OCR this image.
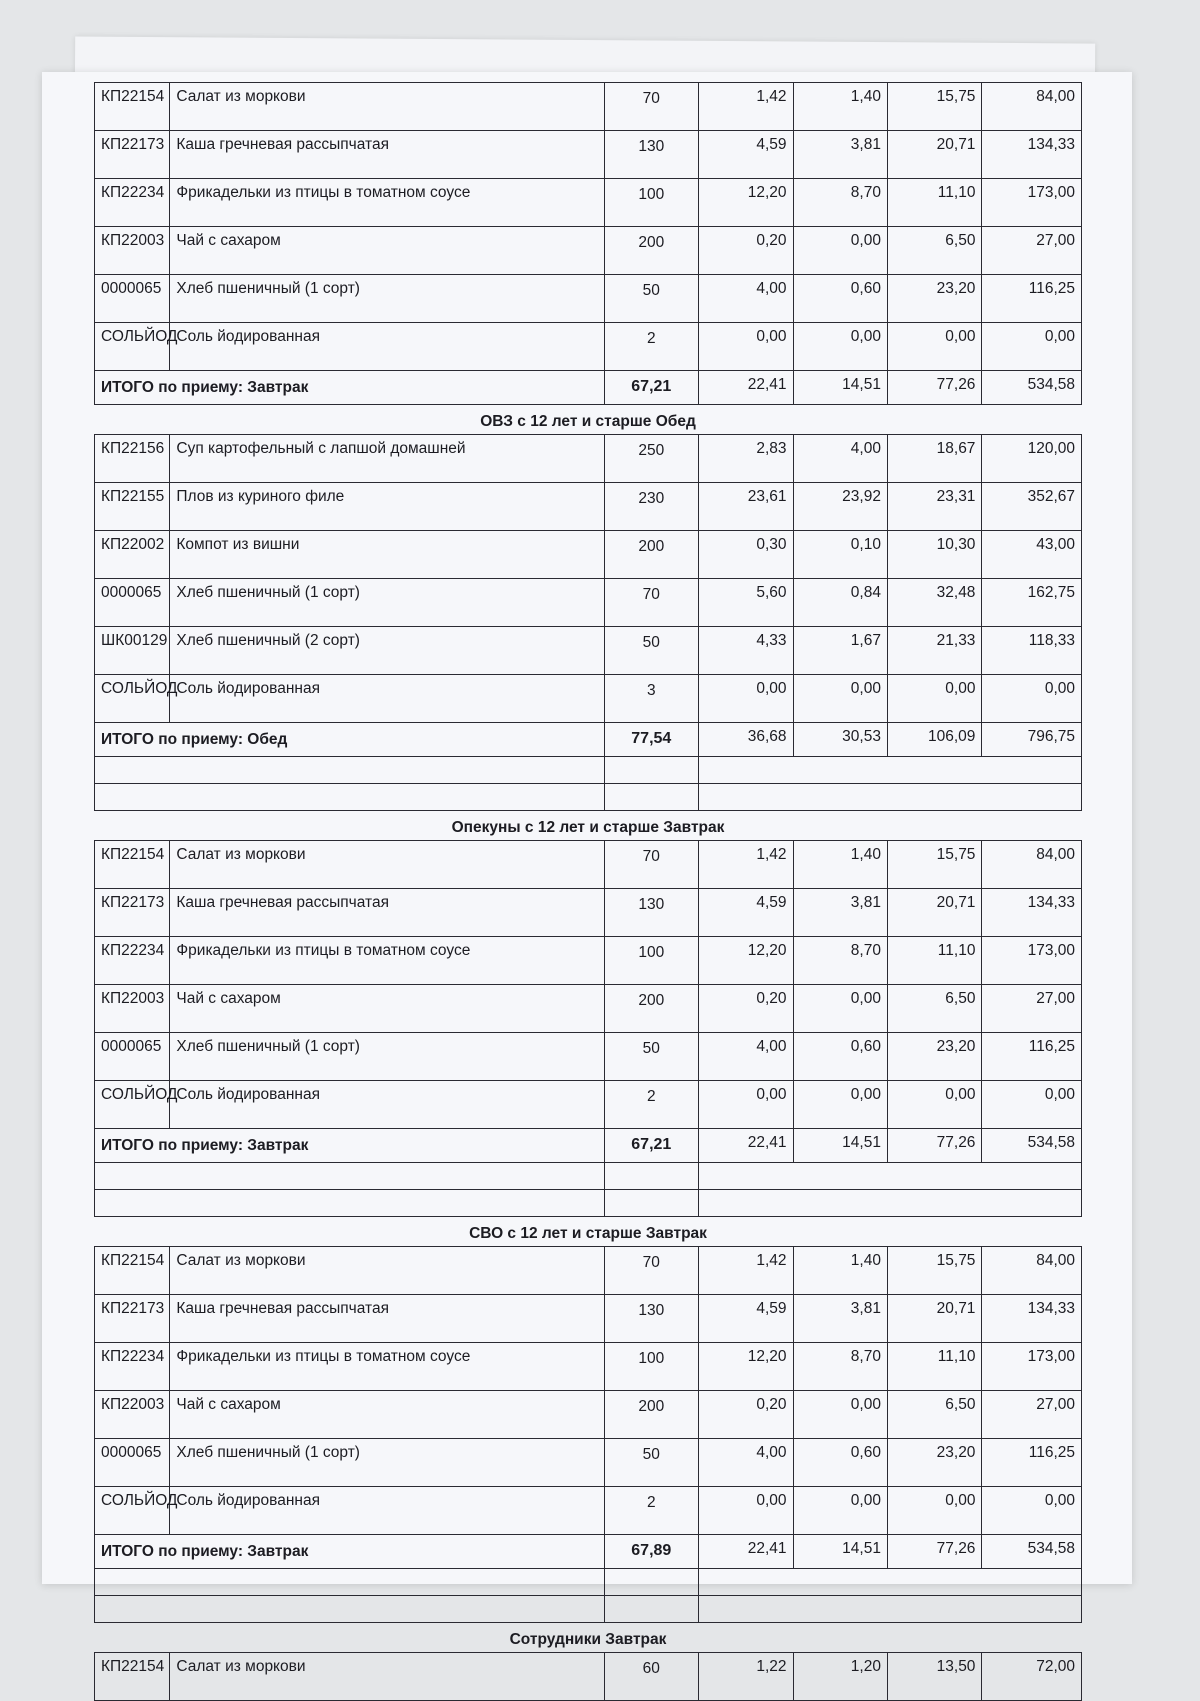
КП22154	Салат из моркови	70	1,42	1,40	15,75	84,00
КП22173	Каша гречневая рассыпчатая	130	4,59	3,81	20,71	134,33
КП22234	Фрикадельки из птицы в томатном соусе	100	12,20	8,70	11,10	173,00
КП22003	Чай с сахаром	200	0,20	0,00	6,50	27,00
0000065	Хлеб пшеничный (1 сорт)	50	4,00	0,60	23,20	116,25
СОЛЬЙОД	Соль йодированная	2	0,00	0,00	0,00	0,00
ИТОГО по приему: Завтрак		67,21	22,41	14,51	77,26	534,58
ОВЗ с 12 лет и старше Обед
КП22156	Суп картофельный с лапшой домашней	250	2,83	4,00	18,67	120,00
КП22155	Плов из куриного филе	230	23,61	23,92	23,31	352,67
КП22002	Компот из вишни	200	0,30	0,10	10,30	43,00
0000065	Хлеб пшеничный (1 сорт)	70	5,60	0,84	32,48	162,75
ШК00129	Хлеб пшеничный (2 сорт)	50	4,33	1,67	21,33	118,33
СОЛЬЙОД	Соль йодированная	3	0,00	0,00	0,00	0,00
ИТОГО по приему: Обед		77,54	36,68	30,53	106,09	796,75

Опекуны с 12 лет и старше Завтрак
КП22154	Салат из моркови	70	1,42	1,40	15,75	84,00
КП22173	Каша гречневая рассыпчатая	130	4,59	3,81	20,71	134,33
КП22234	Фрикадельки из птицы в томатном соусе	100	12,20	8,70	11,10	173,00
КП22003	Чай с сахаром	200	0,20	0,00	6,50	27,00
0000065	Хлеб пшеничный (1 сорт)	50	4,00	0,60	23,20	116,25
СОЛЬЙОД	Соль йодированная	2	0,00	0,00	0,00	0,00
ИТОГО по приему: Завтрак		67,21	22,41	14,51	77,26	534,58

СВО с 12 лет и старше Завтрак
КП22154	Салат из моркови	70	1,42	1,40	15,75	84,00
КП22173	Каша гречневая рассыпчатая	130	4,59	3,81	20,71	134,33
КП22234	Фрикадельки из птицы в томатном соусе	100	12,20	8,70	11,10	173,00
КП22003	Чай с сахаром	200	0,20	0,00	6,50	27,00
0000065	Хлеб пшеничный (1 сорт)	50	4,00	0,60	23,20	116,25
СОЛЬЙОД	Соль йодированная	2	0,00	0,00	0,00	0,00
ИТОГО по приему: Завтрак		67,89	22,41	14,51	77,26	534,58

Сотрудники Завтрак
КП22154	Салат из моркови	60	1,22	1,20	13,50	72,00
